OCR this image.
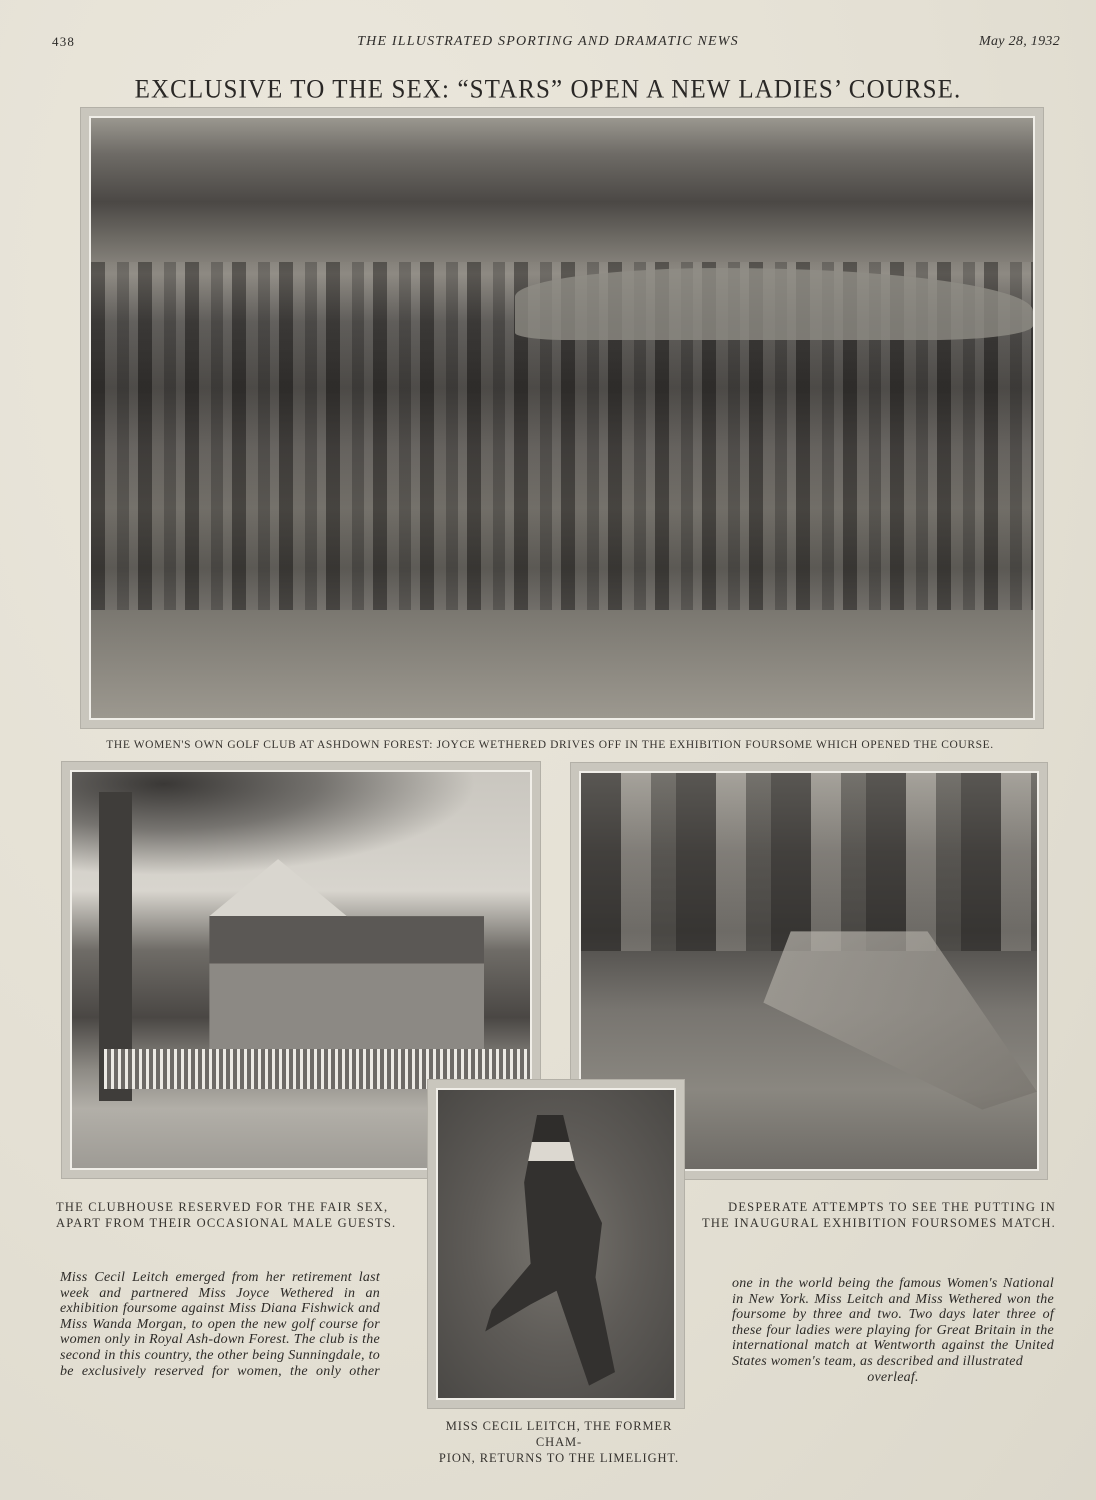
438	THE ILLUSTRATED SPORTING AND DRAMATIC NEWS	May 28, 1932
EXCLUSIVE TO THE SEX: “STARS” OPEN A NEW LADIES’ COURSE.
THE WOMEN'S OWN GOLF CLUB AT ASHDOWN FOREST: JOYCE WETHERED DRIVES OFF IN THE EXHIBITION FOURSOME WHICH OPENED THE COURSE.
THE CLUBHOUSE RESERVED FOR THE FAIR SEX,
APART FROM THEIR OCCASIONAL MALE GUESTS.
DESPERATE ATTEMPTS TO SEE THE PUTTING IN
THE INAUGURAL EXHIBITION FOURSOMES MATCH.
MISS CECIL LEITCH, THE FORMER CHAM-
PION, RETURNS TO THE LIMELIGHT.
Miss Cecil Leitch emerged from her retirement last week and partnered Miss Joyce Wethered in an exhibition foursome against Miss Diana Fishwick and Miss Wanda Morgan, to open the new golf course for women only in Royal Ash-down Forest. The club is the second in this country, the other being Sunningdale, to be exclusively reserved for women, the only other
one in the world being the famous Women's National in New York. Miss Leitch and Miss Wethered won the foursome by three and two. Two days later three of these four ladies were playing for Great Britain in the international match at Wentworth against the United States women's team, as described and illustrated
overleaf.
